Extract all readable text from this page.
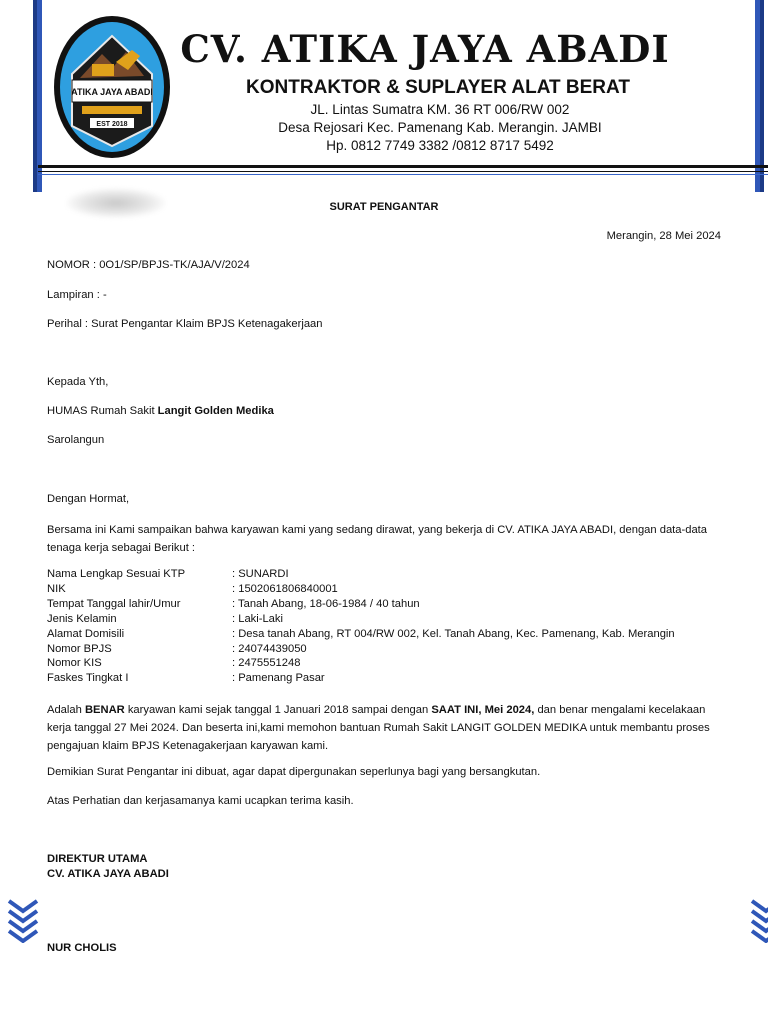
ATIKA JAYA ABADI
EST 2018
CV. ATIKA JAYA ABADI
KONTRAKTOR & SUPLAYER ALAT BERAT
JL. Lintas Sumatra KM. 36 RT 006/RW 002
Desa Rejosari Kec. Pamenang Kab. Merangin. JAMBI
Hp. 0812 7749 3382 /0812 8717 5492
SURAT PENGANTAR
Merangin, 28 Mei 2024
NOMOR : 0O1/SP/BPJS-TK/AJA/V/2024
Lampiran : -
Perihal : Surat Pengantar Klaim BPJS Ketenagakerjaan
Kepada Yth,
HUMAS Rumah Sakit Langit Golden Medika
Sarolangun
Dengan Hormat,
Bersama ini Kami sampaikan bahwa karyawan kami yang sedang dirawat, yang bekerja di CV. ATIKA JAYA ABADI, dengan data-data tenaga kerja sebagai Berikut :
Nama Lengkap Sesuai KTP	: SUNARDI
NIK	: 1502061806840001
Tempat Tanggal lahir/Umur	: Tanah Abang, 18-06-1984 / 40 tahun
Jenis Kelamin	: Laki-Laki
Alamat Domisili	: Desa tanah Abang, RT 004/RW 002, Kel. Tanah Abang, Kec. Pamenang, Kab. Merangin
Nomor BPJS	: 24074439050
Nomor KIS	: 2475551248
Faskes Tingkat I	: Pamenang Pasar
Adalah BENAR karyawan kami sejak tanggal 1 Januari 2018 sampai dengan SAAT INI, Mei 2024, dan benar mengalami kecelakaan kerja tanggal 27 Mei 2024. Dan beserta ini,kami memohon bantuan Rumah Sakit LANGIT GOLDEN MEDIKA untuk membantu proses pengajuan klaim BPJS Ketenagakerjaan karyawan kami.
Demikian Surat Pengantar ini dibuat, agar dapat dipergunakan seperlunya bagi yang bersangkutan.
Atas Perhatian dan kerjasamanya kami ucapkan terima kasih.
DIREKTUR UTAMA
CV. ATIKA JAYA ABADI
NUR CHOLIS
